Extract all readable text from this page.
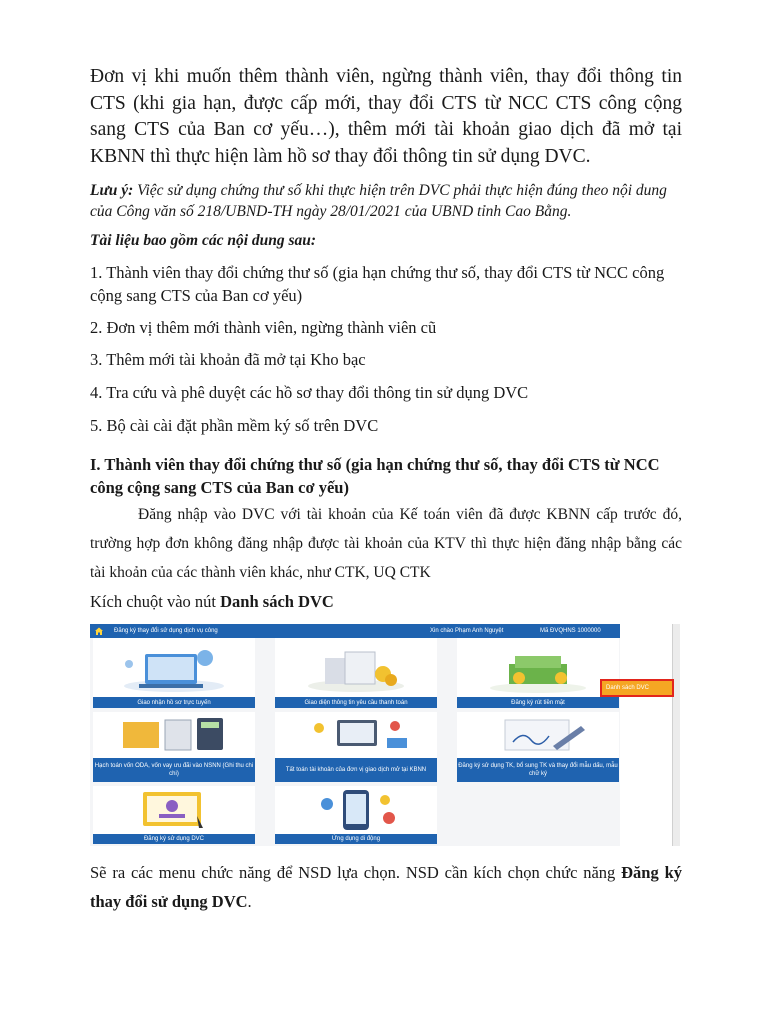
Đơn vị khi muốn thêm thành viên, ngừng thành viên, thay đổi thông tin CTS (khi gia hạn, được cấp mới, thay đổi CTS từ NCC CTS công cộng sang CTS của Ban cơ yếu…), thêm mới tài khoản giao dịch đã mở tại KBNN thì thực hiện làm hồ sơ thay đổi thông tin sử dụng DVC.

Lưu ý: Việc sử dụng chứng thư số khi thực hiện trên DVC phải thực hiện đúng theo nội dung của Công văn số 218/UBND-TH ngày 28/01/2021 của UBND tỉnh Cao Bằng.

Tài liệu bao gồm các nội dung sau:

1. Thành viên thay đổi chứng thư số (gia hạn chứng thư số, thay đổi CTS từ NCC công cộng sang CTS của Ban cơ yếu)

2. Đơn vị thêm mới thành viên, ngừng thành viên cũ

3. Thêm mới tài khoản đã mở tại Kho bạc

4. Tra cứu và phê duyệt các hồ sơ thay đổi thông tin sử dụng DVC

5. Bộ cài cài đặt phần mềm ký số trên DVC

I. Thành viên thay đổi chứng thư số (gia hạn chứng thư số, thay đổi CTS từ NCC công cộng sang CTS của Ban cơ yếu)

Đăng nhập vào DVC với tài khoản của Kế toán viên đã được KBNN cấp trước đó, trường hợp đơn không đăng nhập được tài khoản của KTV thì thực hiện đăng nhập bằng các tài khoản của các thành viên khác, như CTK, UQ CTK

Kích chuột vào nút Danh sách DVC

Sẽ ra các menu chức năng để NSD lựa chọn. NSD cần kích chọn chức năng Đăng ký thay đổi sử dụng DVC.

Đăng ký thay đổi sử dụng dịch vụ công	Xin chào Phạm Anh Nguyệt	Mã ĐVQHNS 1000000
Giao nhận hồ sơ trực tuyến	Giao diện thông tin yêu cầu thanh toán	Đăng ký rút tiền mặt
Hạch toán vốn ODA, vốn vay ưu đãi vào NSNN (Ghi thu chi chi)
Tất toán tài khoản của đơn vị giao dịch mở tại KBNN
Đăng ký sử dụng TK, bổ sung TK và thay đổi mẫu dấu, mẫu chữ ký
Đăng ký sử dụng DVC	Ứng dụng di động
Danh sách DVC
